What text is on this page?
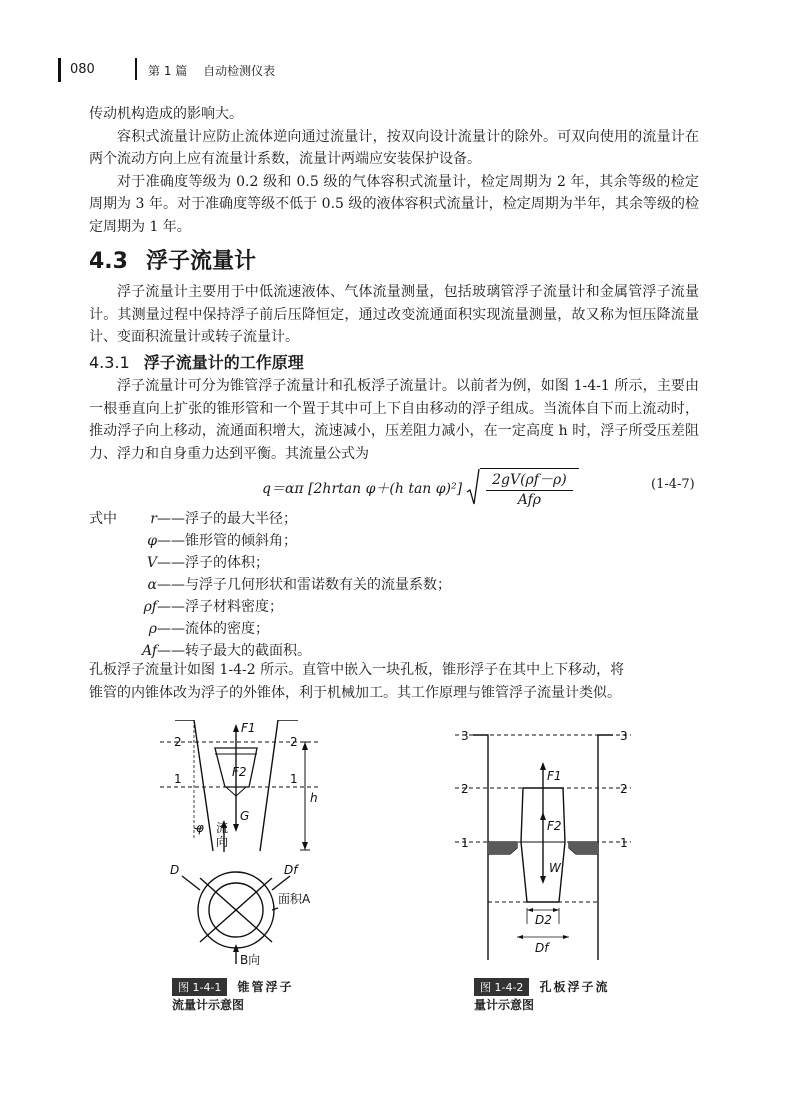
080	第 1 篇 自动检测仪表

传动机构造成的影响大。

容积式流量计应防止流体逆向通过流量计，按双向设计流量计的除外。可双向使用的流量计在两个流动方向上应有流量计系数，流量计两端应安装保护设备。

对于准确度等级为 0.2 级和 0.5 级的气体容积式流量计，检定周期为 2 年，其余等级的检定周期为 3 年。对于准确度等级不低于 0.5 级的液体容积式流量计，检定周期为半年，其余等级的检定周期为 1 年。

4.3 浮子流量计

浮子流量计主要用于中低流速液体、气体流量测量，包括玻璃管浮子流量计和金属管浮子流量计。其测量过程中保持浮子前后压降恒定，通过改变流通面积实现流量测量，故又称为恒压降流量计、变面积流量计或转子流量计。

4.3.1 浮子流量计的工作原理

浮子流量计可分为锥管浮子流量计和孔板浮子流量计。以前者为例，如图 1-4-1 所示，主要由一根垂直向上扩张的锥形管和一个置于其中可上下自由移动的浮子组成。当流体自下而上流动时，推动浮子向上移动，流通面积增大，流速减小，压差阻力减小，在一定高度 h 时，浮子所受压差阻力、浮力和自身重力达到平衡。其流量公式为

q＝απ [2hrtan φ＋(h $\tan \varphi)^2] \frac{2gV(\rho f-\rho)}{\text{Afρ}}$	(1-4-7)
式中	r —— 浮子的最大半径；
φ —— 锥形管的倾斜角；
V —— 浮子的体积；
α —— 与浮子几何形状和雷诺数有关的流量系数；
ρf —— 浮子材料密度；
ρ —— 流体的密度；
Af —— 转子最大的截面积。

孔板浮子流量计如图 1-4-2 所示。直管中嵌入一块孔板，锥形浮子在其中上下移动，将

锥管的内锥体改为浮子的外锥体，利于机械加工。其工作原理与锥管浮子流量计类似。

2	2
1	1
F1
F2
G
h
φ 流
向
D	Df
面积A
B向
图 1-4-1 锥管浮子
流量计示意图
3	3
2	2
1	1
F1
F2
W
D2
Df
图 1-4-2 孔板浮子流
量计示意图
